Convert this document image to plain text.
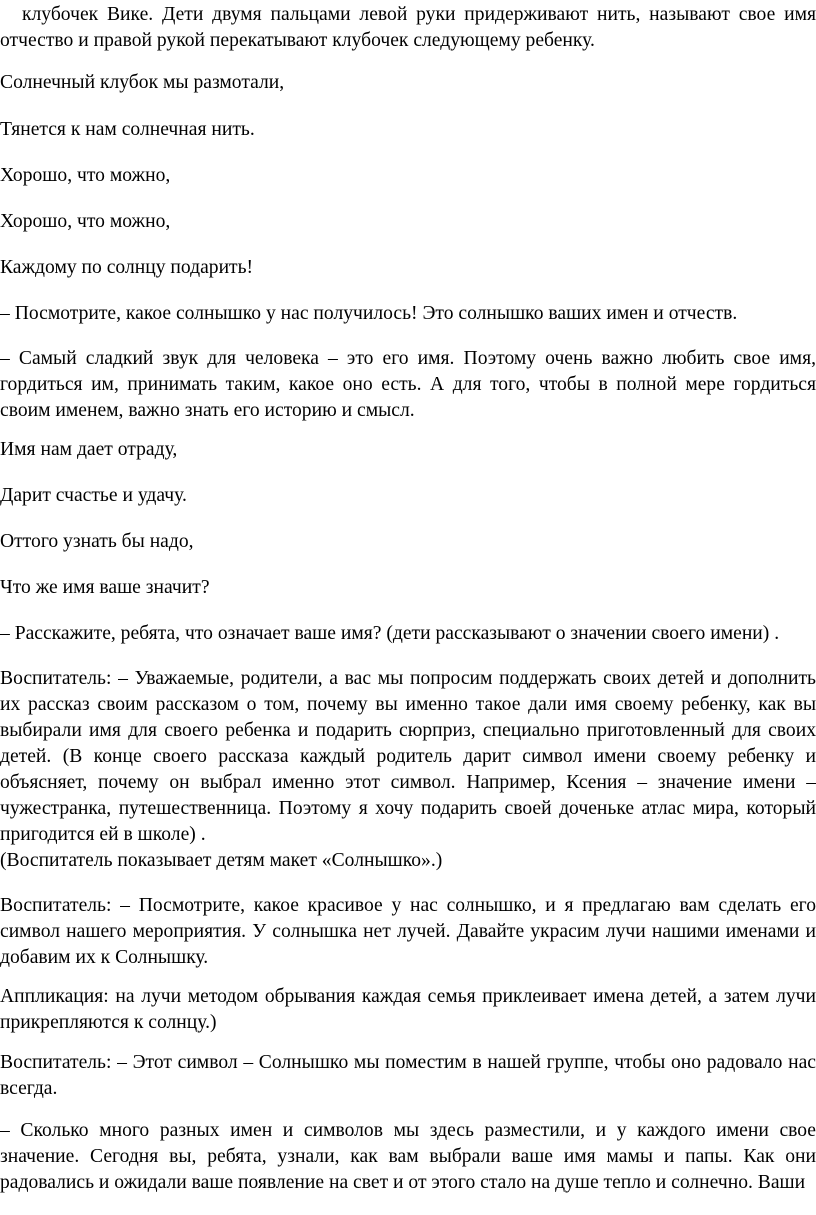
клубочек Вике. Дети двумя пальцами левой руки придерживают нить, называют свое имя отчество и правой рукой перекатывают клубочек следующему ребенку.

Солнечный клубок мы размотали,

Тянется к нам солнечная нить.

Хорошо, что можно,

Хорошо, что можно,

Каждому по солнцу подарить!

– Посмотрите, какое солнышко у нас получилось! Это солнышко ваших имен и отчеств.

– Самый сладкий звук для человека – это его имя. Поэтому очень важно любить свое имя, гордиться им, принимать таким, какое оно есть. А для того, чтобы в полной мере гордиться своим именем, важно знать его историю и смысл.

Имя нам дает отраду,

Дарит счастье и удачу.

Оттого узнать бы надо,

Что же имя ваше значит?

– Расскажите, ребята, что означает ваше имя? (дети рассказывают о значении своего имени) .

Воспитатель: – Уважаемые, родители, а вас мы попросим поддержать своих детей и дополнить их рассказ своим рассказом о том, почему вы именно такое дали имя своему ребенку, как вы выбирали имя для своего ребенка и подарить сюрприз, специально приготовленный для своих детей. (В конце своего рассказа каждый родитель дарит символ имени своему ребенку и объясняет, почему он выбрал именно этот символ. Например, Ксения – значение имени – чужестранка, путешественница. Поэтому я хочу подарить своей доченьке атлас мира, который пригодится ей в школе) .

(Воспитатель показывает детям макет «Солнышко».)

Воспитатель: – Посмотрите, какое красивое у нас солнышко, и я предлагаю вам сделать его символ нашего мероприятия. У солнышка нет лучей. Давайте украсим лучи нашими именами и добавим их к Солнышку.

Аппликация: на лучи методом обрывания каждая семья приклеивает имена детей, а затем лучи прикрепляются к солнцу.)

Воспитатель: – Этот символ – Солнышко мы поместим в нашей группе, чтобы оно радовало нас всегда.

– Сколько много разных имен и символов мы здесь разместили, и у каждого имени свое значение. Сегодня вы, ребята, узнали, как вам выбрали ваше имя мамы и папы. Как они радовались и ожидали ваше появление на свет и от этого стало на душе тепло и солнечно. Ваши
